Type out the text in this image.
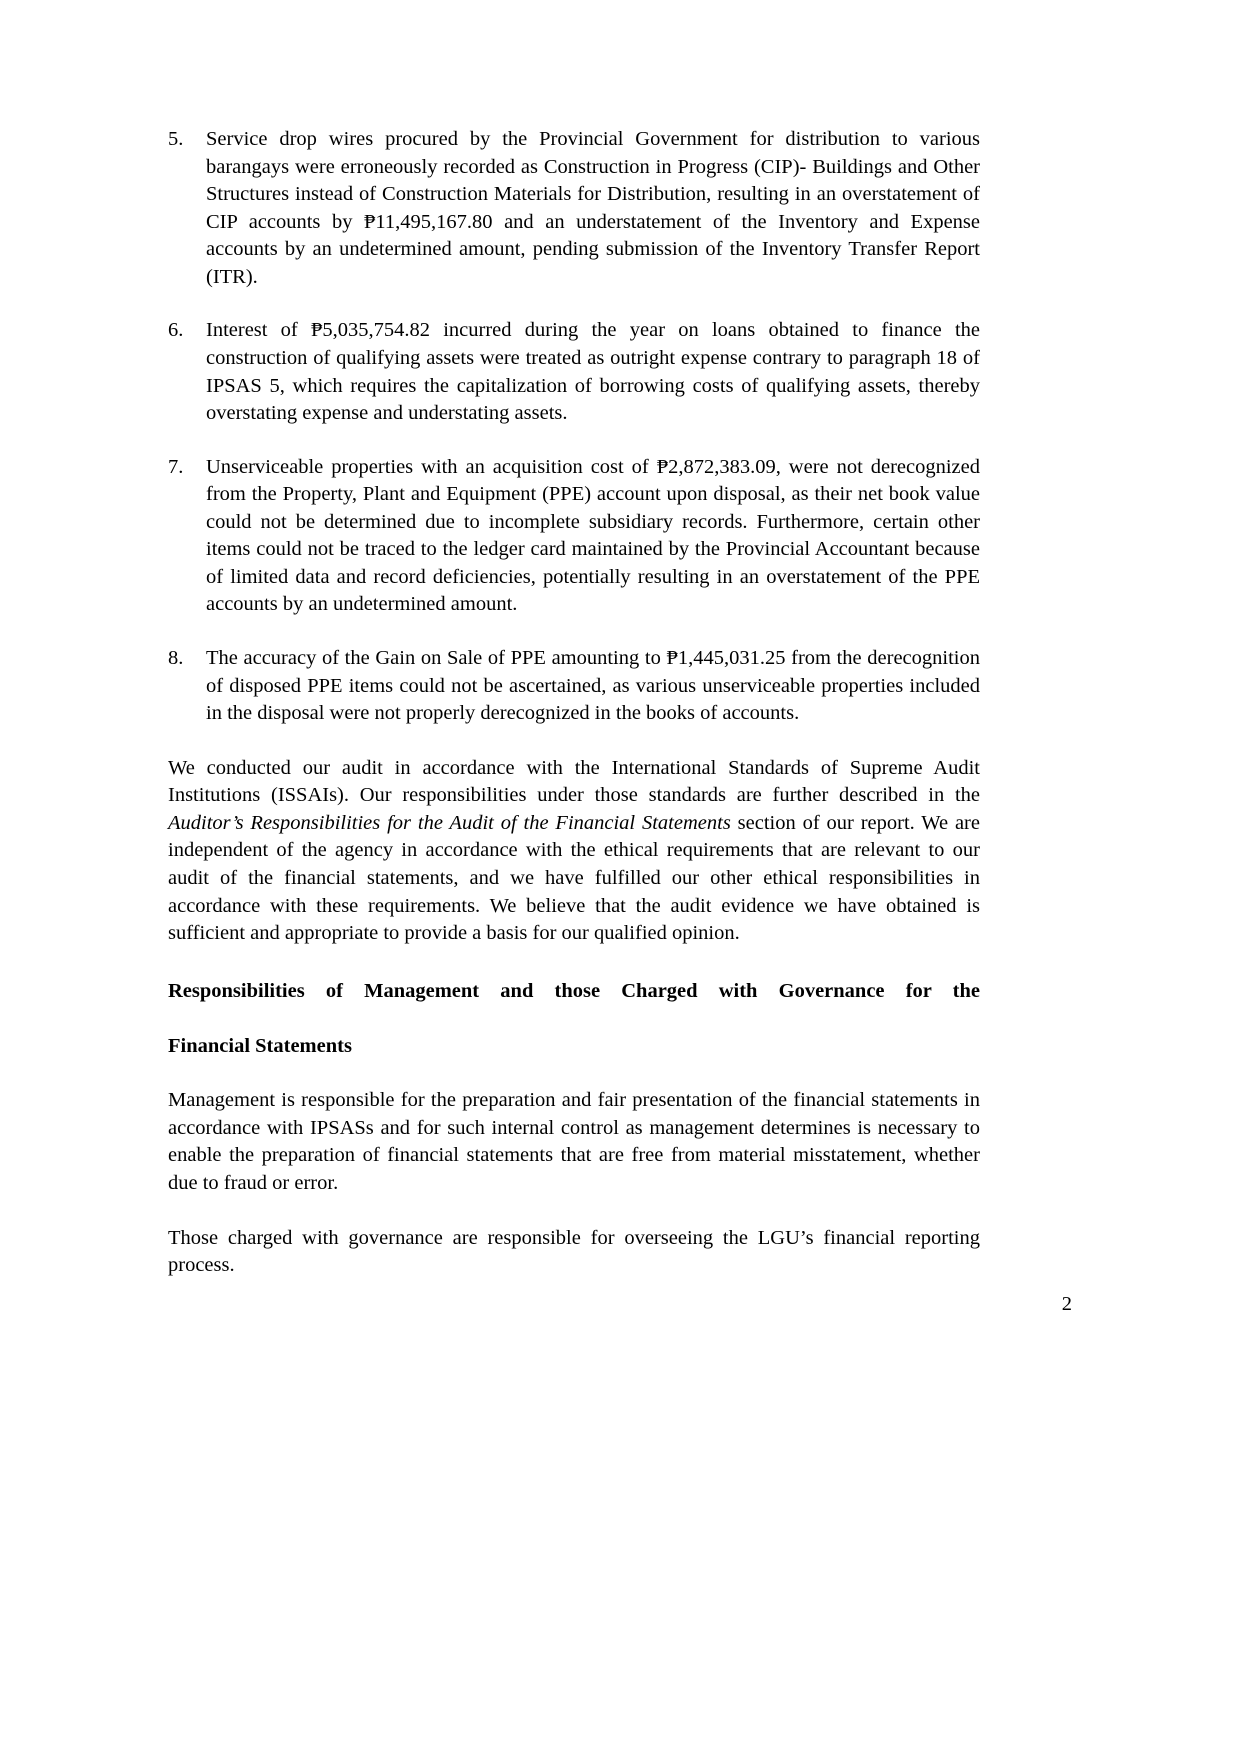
5.	Service drop wires procured by the Provincial Government for distribution to various barangays were erroneously recorded as Construction in Progress (CIP)- Buildings and Other Structures instead of Construction Materials for Distribution, resulting in an overstatement of CIP accounts by ₱11,495,167.80 and an understatement of the Inventory and Expense accounts by an undetermined amount, pending submission of the Inventory Transfer Report (ITR).
6.	Interest of ₱5,035,754.82 incurred during the year on loans obtained to finance the construction of qualifying assets were treated as outright expense contrary to paragraph 18 of IPSAS 5, which requires the capitalization of borrowing costs of qualifying assets, thereby overstating expense and understating assets.
7.	Unserviceable properties with an acquisition cost of ₱2,872,383.09, were not derecognized from the Property, Plant and Equipment (PPE) account upon disposal, as their net book value could not be determined due to incomplete subsidiary records. Furthermore, certain other items could not be traced to the ledger card maintained by the Provincial Accountant because of limited data and record deficiencies, potentially resulting in an overstatement of the PPE accounts by an undetermined amount.
8.	The accuracy of the Gain on Sale of PPE amounting to ₱1,445,031.25 from the derecognition of disposed PPE items could not be ascertained, as various unserviceable properties included in the disposal were not properly derecognized in the books of accounts.

We conducted our audit in accordance with the International Standards of Supreme Audit Institutions (ISSAIs). Our responsibilities under those standards are further described in the Auditor’s Responsibilities for the Audit of the Financial Statements section of our report. We are independent of the agency in accordance with the ethical requirements that are relevant to our audit of the financial statements, and we have fulfilled our other ethical responsibilities in accordance with these requirements. We believe that the audit evidence we have obtained is sufficient and appropriate to provide a basis for our qualified opinion.

Responsibilities of Management and those Charged with Governance for the
Financial Statements

Management is responsible for the preparation and fair presentation of the financial statements in accordance with IPSASs and for such internal control as management determines is necessary to enable the preparation of financial statements that are free from material misstatement, whether due to fraud or error.

Those charged with governance are responsible for overseeing the LGU’s financial reporting process.

2
